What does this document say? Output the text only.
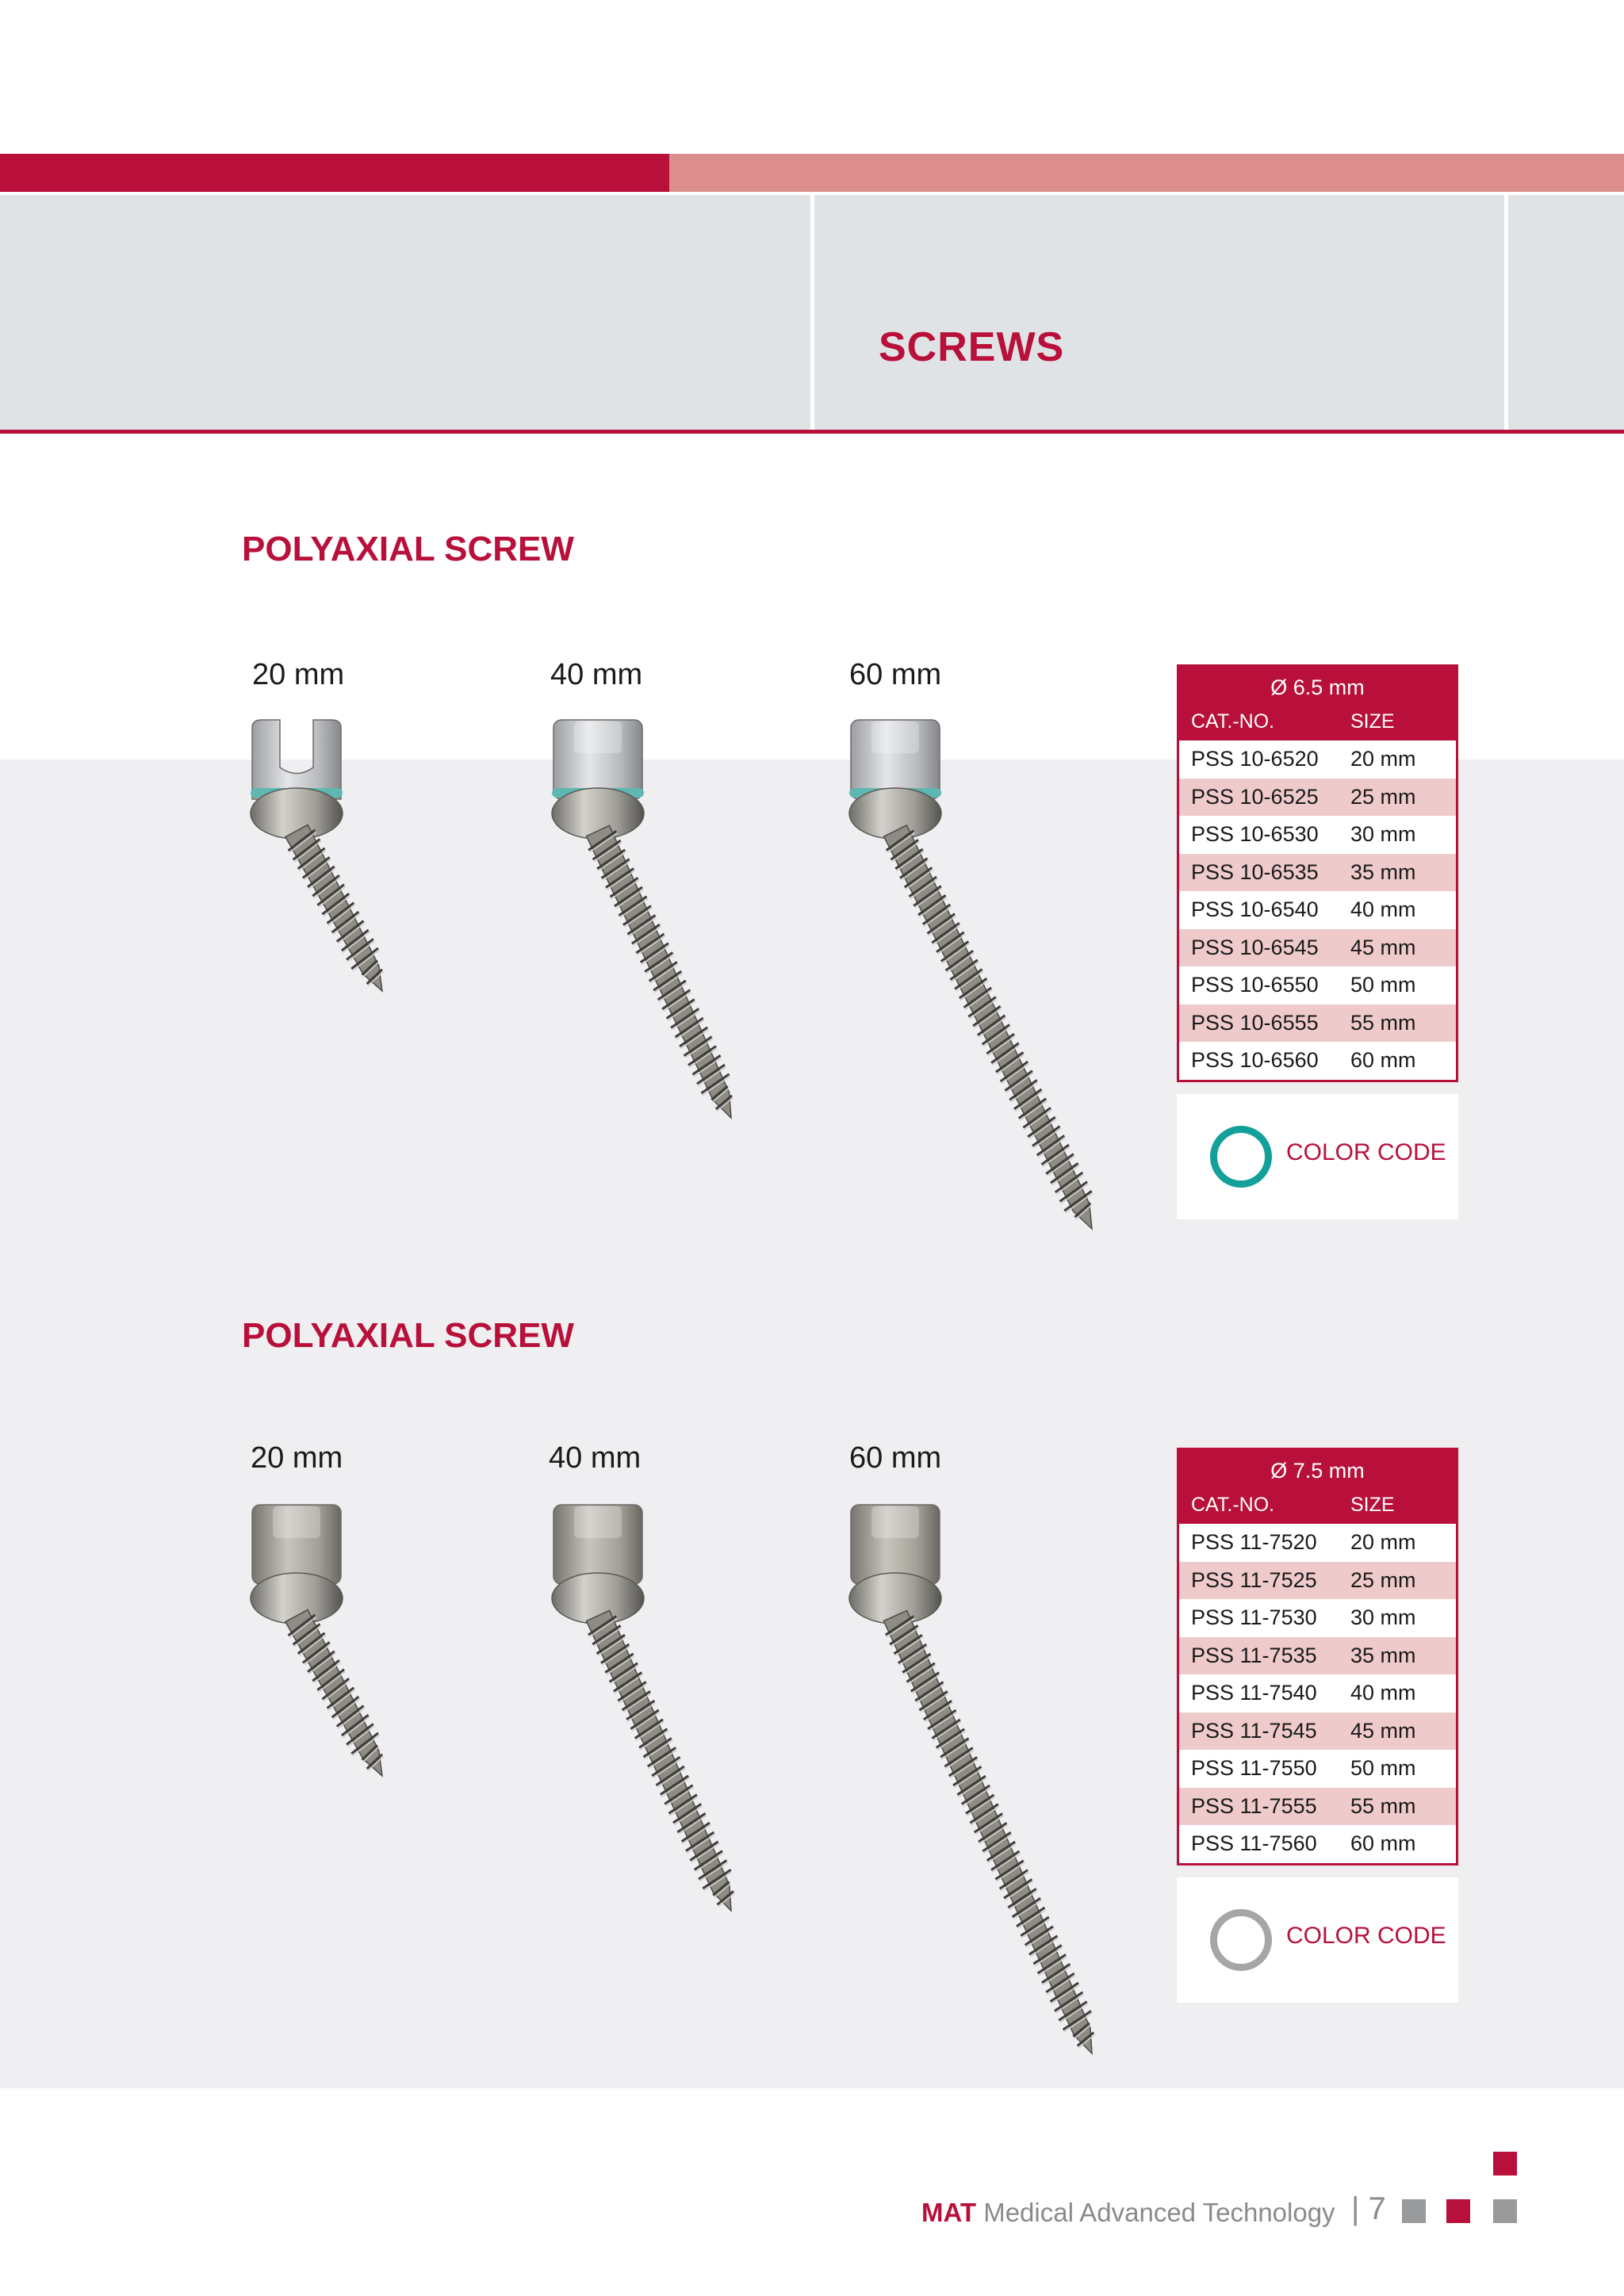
SCREWS
POLYAXIAL SCREW
20 mm	40 mm	60 mm	Ø 6.5 mm
CAT.-NO.	SIZE
PSS 10-6520	20 mm
PSS 10-6525	25 mm
PSS 10-6530	30 mm
PSS 10-6535	35 mm
PSS 10-6540	40 mm
PSS 10-6545	45 mm
PSS 10-6550	50 mm
PSS 10-6555	55 mm
PSS 10-6560	60 mm
COLOR CODE
POLYAXIAL SCREW
20 mm	40 mm	60 mm	Ø 7.5 mm
CAT.-NO.	SIZE
PSS 11-7520	20 mm
PSS 11-7525	25 mm
PSS 11-7530	30 mm
PSS 11-7535	35 mm
PSS 11-7540	40 mm
PSS 11-7545	45 mm
PSS 11-7550	50 mm
PSS 11-7555	55 mm
PSS 11-7560	60 mm
COLOR CODE
MAT Medical Advanced Technology | 7
